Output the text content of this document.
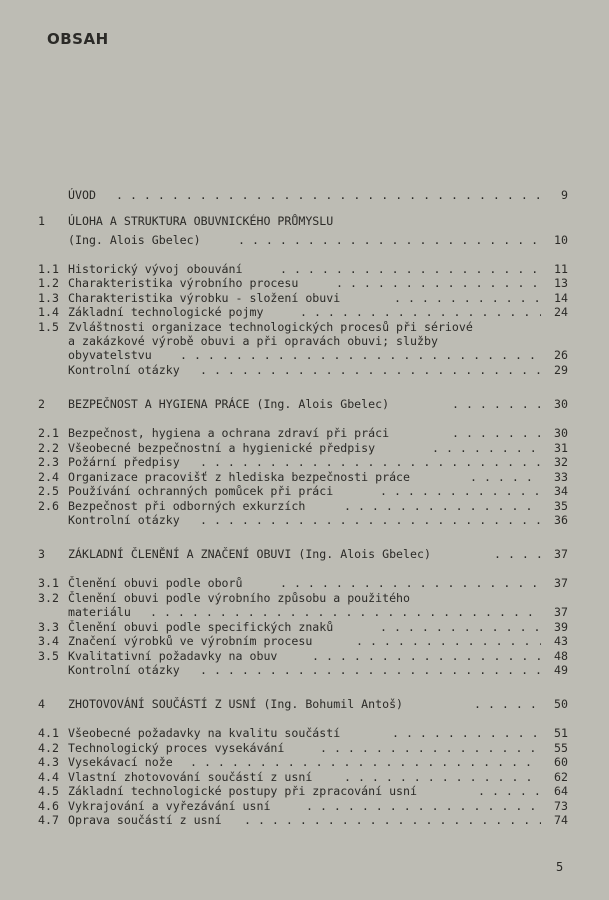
OBSAH
ÚVOD . . .	9
1 ÚLOHA A STRUKTURA OBUVNICKÉHO PRŮMYSLU
(Ing. Alois Gbelec) . . .	10
1.1 Historický vývoj obouvání . . .	11
1.2 Charakteristika výrobního procesu . . .	13
1.3 Charakteristika výrobku - složení obuvi . . .	14
1.4 Základní technologické pojmy . . .	24
1.5 Zvláštnosti organizace technologických procesů při sériové
a zakázkové výrobě obuvi a při opravách obuvi; služby
obyvatelstvu . . .	26
Kontrolní otázky . . .	29
2 BEZPEČNOST A HYGIENA PRÁCE (Ing. Alois Gbelec) . . .	30
2.1 Bezpečnost, hygiena a ochrana zdraví při práci . . .	30
2.2 Všeobecné bezpečnostní a hygienické předpisy . . .	31
2.3 Požární předpisy . . .	32
2.4 Organizace pracovišť z hlediska bezpečnosti práce . . .	33
2.5 Používání ochranných pomůcek při práci . . .	34
2.6 Bezpečnost při odborných exkurzích . . .	35
Kontrolní otázky . . .	36
3 ZÁKLADNÍ ČLENĚNÍ A ZNAČENÍ OBUVI (Ing. Alois Gbelec) . . .	37
3.1 Členění obuvi podle oborů . . .	37
3.2 Členění obuvi podle výrobního způsobu a použitého
materiálu . . .	37
3.3 Členění obuvi podle specifických znaků . . .	39
3.4 Značení výrobků ve výrobním procesu . . .	43
3.5 Kvalitativní požadavky na obuv . . .	48
Kontrolní otázky . . .	49
4 ZHOTOVOVÁNÍ SOUČÁSTÍ Z USNÍ (Ing. Bohumil Antoš) . . .	50
4.1 Všeobecné požadavky na kvalitu součástí . . .	51
4.2 Technologický proces vysekávání . . .	55
4.3 Vysekávací nože . . .	60
4.4 Vlastní zhotovování součástí z usní . . .	62
4.5 Základní technologické postupy při zpracování usní . . .	64
4.6 Vykrajování a vyřezávání usní . . .	73
4.7 Oprava součástí z usní . . .	74
5
